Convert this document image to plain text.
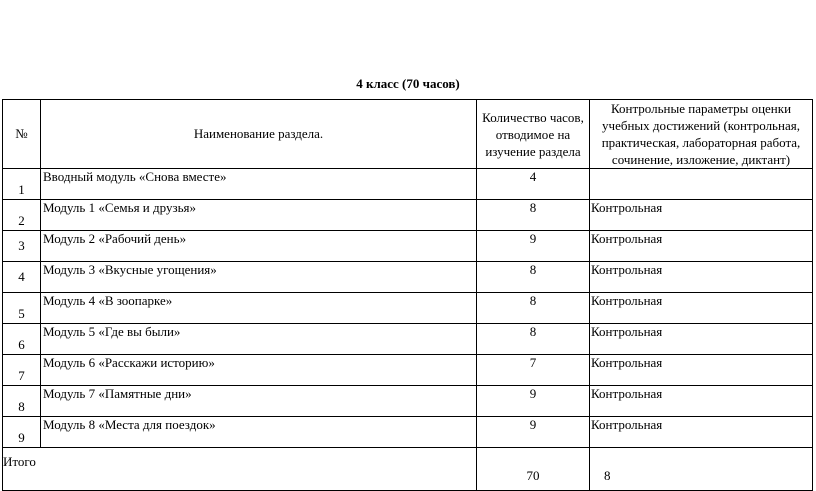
4 класс (70 часов)
№	Наименование раздела.	Количество часов, отводимое на изучение раздела	Контрольные параметры оценки учебных достижений (контрольная, практическая, лабораторная работа, сочинение, изложение, диктант)
1	Вводный модуль «Снова вместе»	4	
2	Модуль 1 «Семья и друзья»	8	Контрольная
3	Модуль 2 «Рабочий день»	9	Контрольная
4	Модуль 3 «Вкусные угощения»	8	Контрольная
5	Модуль 4 «В зоопарке»	8	Контрольная
6	Модуль 5 «Где вы были»	8	Контрольная
7	Модуль 6 «Расскажи историю»	7	Контрольная
8	Модуль 7 «Памятные дни»	9	Контрольная
9	Модуль 8 «Места для поездок»	9	Контрольная
Итого		70	8
